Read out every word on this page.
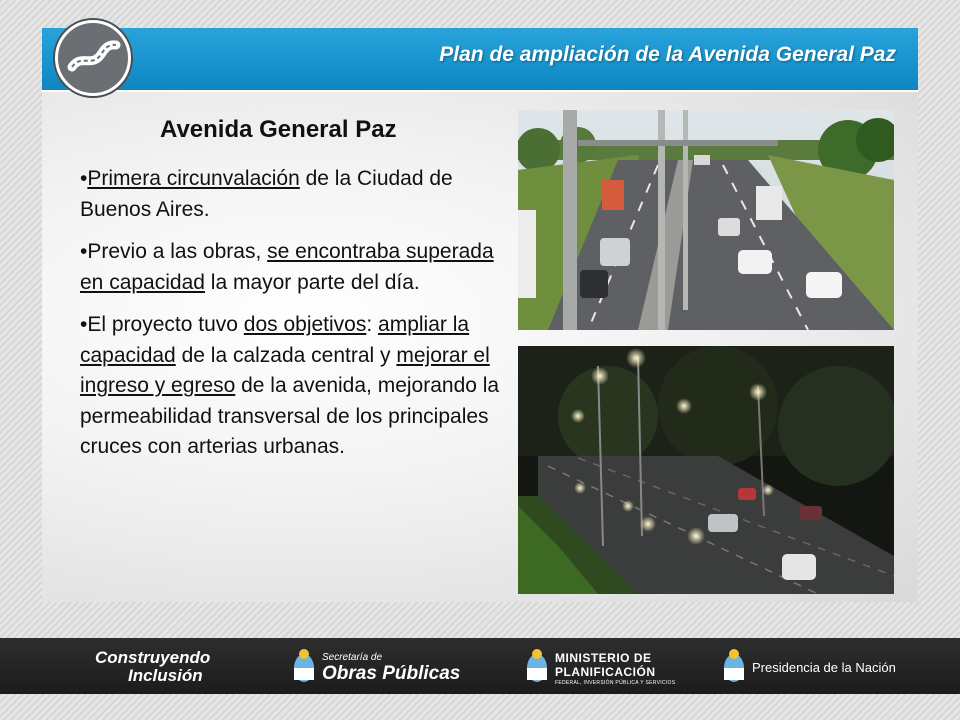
Plan de ampliación de la Avenida General Paz
Avenida General Paz
•Primera circunvalación de la Ciudad de Buenos Aires.
•Previo a las obras, se encontraba superada en capacidad la mayor parte del día.
•El proyecto tuvo dos objetivos: ampliar la capacidad de la calzada central y mejorar el ingreso y egreso de la avenida, mejorando la permeabilidad transversal de los principales cruces con arterias urbanas.
Construyendo
Inclusión
Secretaría de
Obras Públicas
MINISTERIO DE
PLANIFICACIÓN
FEDERAL, INVERSIÓN PÚBLICA Y SERVICIOS
Presidencia de la Nación
